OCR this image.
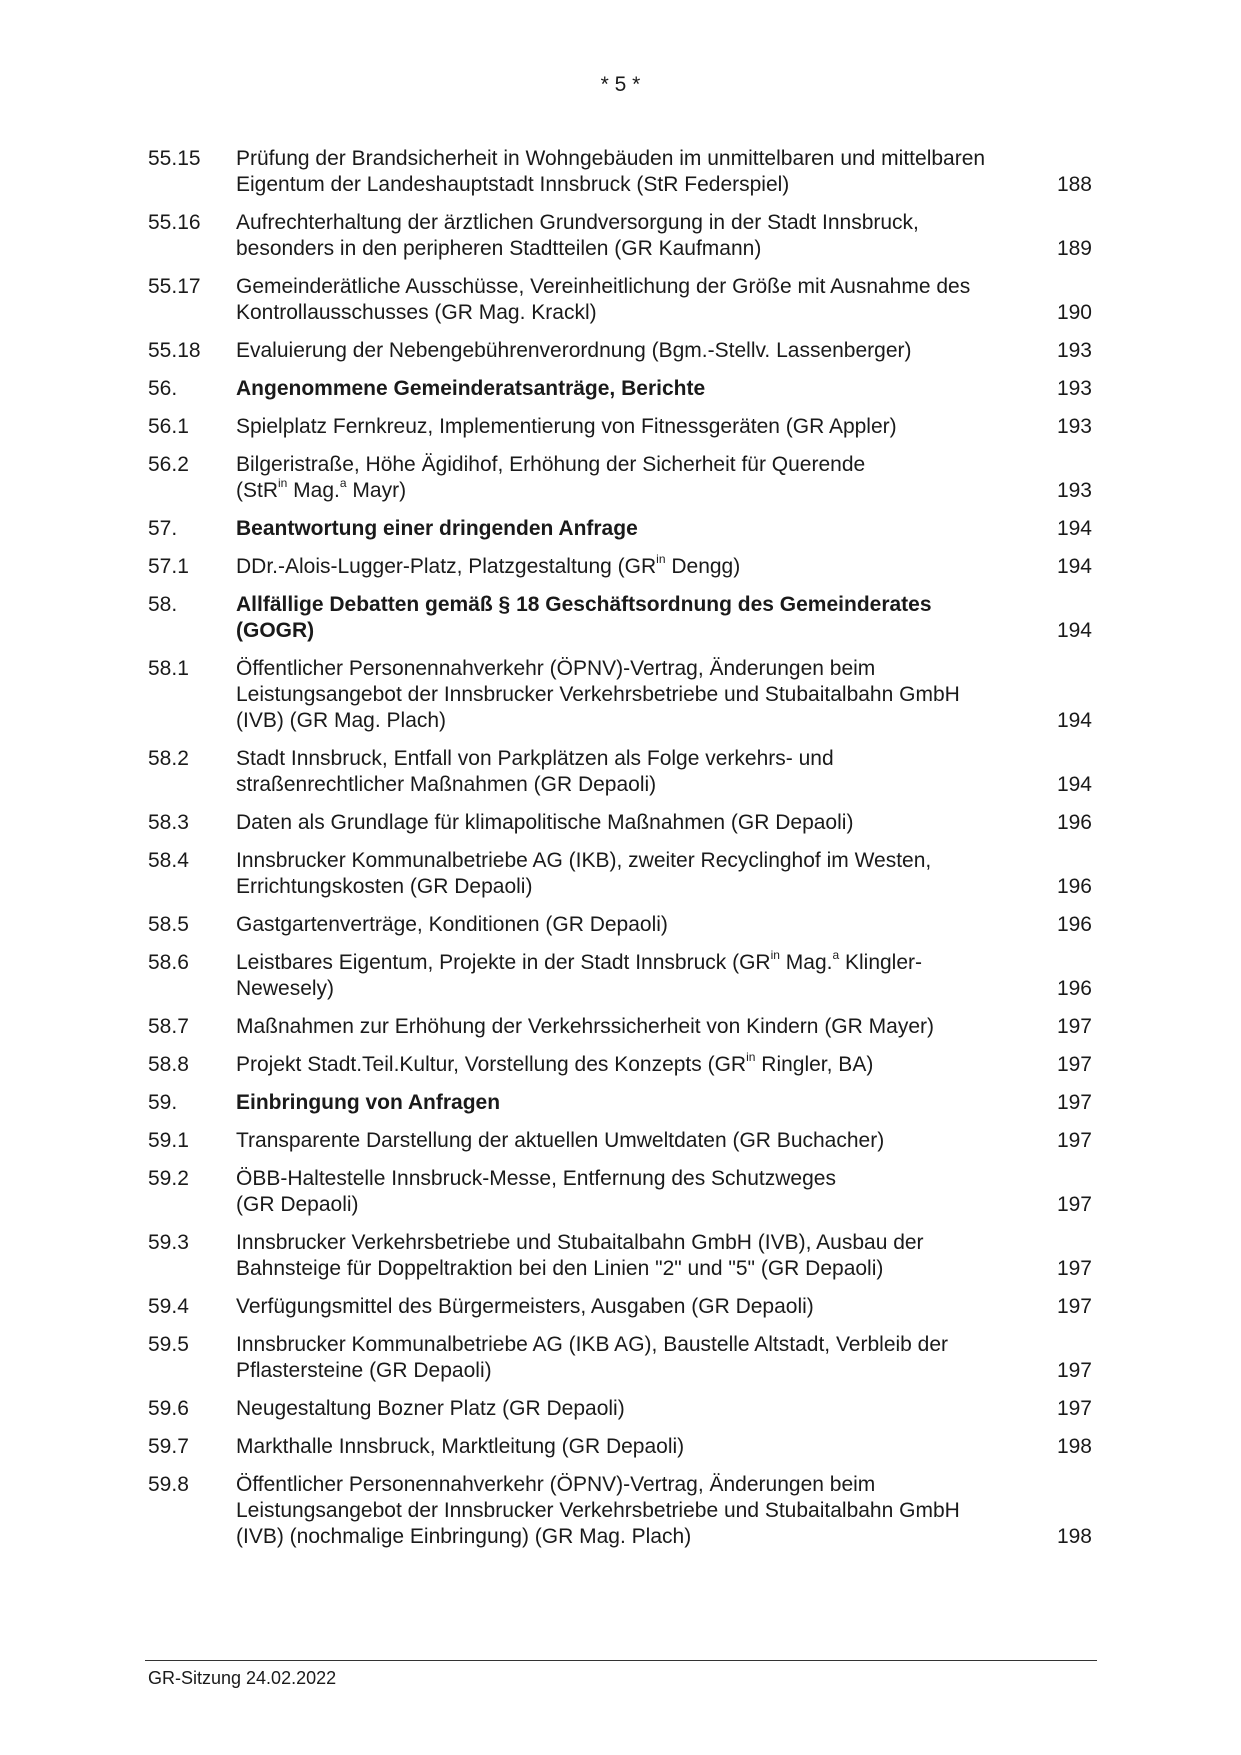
* 5 *
55.15	Prüfung der Brandsicherheit in Wohngebäuden im unmittelbaren und mittelbaren Eigentum der Landeshauptstadt Innsbruck (StR Federspiel)	188
55.16	Aufrechterhaltung der ärztlichen Grundversorgung in der Stadt Innsbruck, besonders in den peripheren Stadtteilen (GR Kaufmann)	189
55.17	Gemeinderätliche Ausschüsse, Vereinheitlichung der Größe mit Ausnahme des Kontrollausschusses (GR Mag. Krackl)	190
55.18	Evaluierung der Nebengebührenverordnung (Bgm.-Stellv. Lassenberger)	193
56.	Angenommene Gemeinderatsanträge, Berichte	193
56.1	Spielplatz Fernkreuz, Implementierung von Fitnessgeräten (GR Appler)	193
56.2	Bilgeristraße, Höhe Ägidihof, Erhöhung der Sicherheit für Querende
(StR$^{in}$ Mag.$^a$ Mayr)	193
57.	Beantwortung einer dringenden Anfrage	194
57.1	DDr.-Alois-Lugger-Platz, Platzgestaltung ($GR^{in}$ Dengg)	194
58.	Allfällige Debatten gemäß § 18 Geschäftsordnung des Gemeinderates (GOGR)	194
58.1	Öffentlicher Personennahverkehr (ÖPNV)-Vertrag, Änderungen beim Leistungsangebot der Innsbrucker Verkehrsbetriebe und Stubaitalbahn GmbH (IVB) (GR Mag. Plach)	194
58.2	Stadt Innsbruck, Entfall von Parkplätzen als Folge verkehrs- und straßenrechtlicher Maßnahmen (GR Depaoli)	194
58.3	Daten als Grundlage für klimapolitische Maßnahmen (GR Depaoli)	196
58.4	Innsbrucker Kommunalbetriebe AG (IKB), zweiter Recyclinghof im Westen, Errichtungskosten (GR Depaoli)	196
58.5	Gastgartenverträge, Konditionen (GR Depaoli)	196
58.6	Leistbares Eigentum, Projekte in der Stadt Innsbruck ($GR^{in}$ Mag.$^a$ Klingler-Newesely)	196
58.7	Maßnahmen zur Erhöhung der Verkehrssicherheit von Kindern (GR Mayer)	197
58.8	Projekt Stadt.Teil.Kultur, Vorstellung des Konzepts ($GR^{in}$ Ringler, BA)	197
59.	Einbringung von Anfragen	197
59.1	Transparente Darstellung der aktuellen Umweltdaten (GR Buchacher)	197
59.2	ÖBB-Haltestelle Innsbruck-Messe, Entfernung des Schutzweges
(GR Depaoli)	197
59.3	Innsbrucker Verkehrsbetriebe und Stubaitalbahn GmbH (IVB), Ausbau der Bahnsteige für Doppeltraktion bei den Linien "2" und "5" (GR Depaoli)	197
59.4	Verfügungsmittel des Bürgermeisters, Ausgaben (GR Depaoli)	197
59.5	Innsbrucker Kommunalbetriebe AG (IKB AG), Baustelle Altstadt, Verbleib der Pflastersteine (GR Depaoli)	197
59.6	Neugestaltung Bozner Platz (GR Depaoli)	197
59.7	Markthalle Innsbruck, Marktleitung (GR Depaoli)	198
59.8	Öffentlicher Personennahverkehr (ÖPNV)-Vertrag, Änderungen beim Leistungsangebot der Innsbrucker Verkehrsbetriebe und Stubaitalbahn GmbH (IVB) (nochmalige Einbringung) (GR Mag. Plach)	198
GR-Sitzung 24.02.2022
